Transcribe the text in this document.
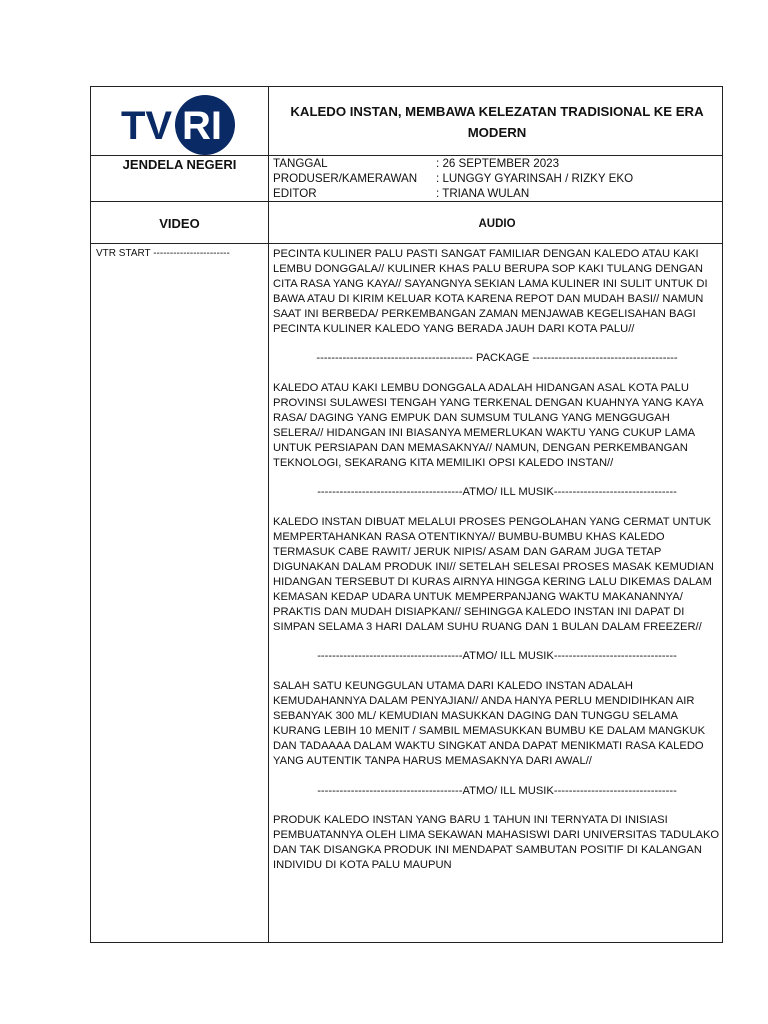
TV RI	KALEDO INSTAN, MEMBAWA KELEZATAN TRADISIONAL KE ERA MODERN
JENDELA NEGERI	TANGGAL	: 26 SEPTEMBER 2023
PRODUSER/KAMERAWAN	: LUNGGY GYARINSAH / RIZKY EKO
EDITOR	: TRIANA WULAN
VIDEO	AUDIO
VTR START -----------------------	PECINTA KULINER PALU PASTI SANGAT FAMILIAR DENGAN KALEDO ATAU KAKI LEMBU DONGGALA// KULINER KHAS PALU BERUPA SOP KAKI TULANG DENGAN CITA RASA YANG KAYA// SAYANGNYA SEKIAN LAMA KULINER INI SULIT UNTUK DI BAWA ATAU DI KIRIM KELUAR KOTA KARENA REPOT DAN MUDAH BASI// NAMUN SAAT INI BERBEDA/ PERKEMBANGAN ZAMAN MENJAWAB KEGELISAHAN BAGI PECINTA KULINER KALEDO YANG BERADA JAUH DARI KOTA PALU//

------------------------------------------ PACKAGE ---------------------------------------

KALEDO ATAU KAKI LEMBU DONGGALA ADALAH HIDANGAN ASAL KOTA PALU PROVINSI SULAWESI TENGAH YANG TERKENAL DENGAN KUAHNYA YANG KAYA RASA/ DAGING YANG EMPUK DAN SUMSUM TULANG YANG MENGGUGAH SELERA// HIDANGAN INI BIASANYA MEMERLUKAN WAKTU YANG CUKUP LAMA UNTUK PERSIAPAN DAN MEMASAKNYA// NAMUN, DENGAN PERKEMBANGAN TEKNOLOGI, SEKARANG KITA MEMILIKI OPSI KALEDO INSTAN//

---------------------------------------ATMO/ ILL MUSIK---------------------------------

KALEDO INSTAN DIBUAT MELALUI PROSES PENGOLAHAN YANG CERMAT UNTUK MEMPERTAHANKAN RASA OTENTIKNYA// BUMBU-BUMBU KHAS KALEDO TERMASUK CABE RAWIT/ JERUK NIPIS/ ASAM DAN GARAM JUGA TETAP DIGUNAKAN DALAM PRODUK INI// SETELAH SELESAI PROSES MASAK KEMUDIAN HIDANGAN TERSEBUT DI KURAS AIRNYA HINGGA KERING LALU DIKEMAS DALAM KEMASAN KEDAP UDARA UNTUK MEMPERPANJANG WAKTU MAKANANNYA/ PRAKTIS DAN MUDAH DISIAPKAN// SEHINGGA KALEDO INSTAN INI DAPAT DI SIMPAN SELAMA 3 HARI DALAM SUHU RUANG DAN 1 BULAN DALAM FREEZER//

---------------------------------------ATMO/ ILL MUSIK---------------------------------

SALAH SATU KEUNGGULAN UTAMA DARI KALEDO INSTAN ADALAH KEMUDAHANNYA DALAM PENYAJIAN// ANDA HANYA PERLU MENDIDIHKAN AIR SEBANYAK 300 ML/ KEMUDIAN MASUKKAN DAGING DAN TUNGGU SELAMA KURANG LEBIH 10 MENIT / SAMBIL MEMASUKKAN BUMBU KE DALAM MANGKUK DAN TADAAAA DALAM WAKTU SINGKAT ANDA DAPAT MENIKMATI RASA KALEDO YANG AUTENTIK TANPA HARUS MEMASAKNYA DARI AWAL//

---------------------------------------ATMO/ ILL MUSIK---------------------------------

PRODUK KALEDO INSTAN YANG BARU 1 TAHUN INI TERNYATA DI INISIASI PEMBUATANNYA OLEH LIMA SEKAWAN MAHASISWI DARI UNIVERSITAS TADULAKO DAN TAK DISANGKA PRODUK INI MENDAPAT SAMBUTAN POSITIF DI KALANGAN INDIVIDU DI KOTA PALU MAUPUN
